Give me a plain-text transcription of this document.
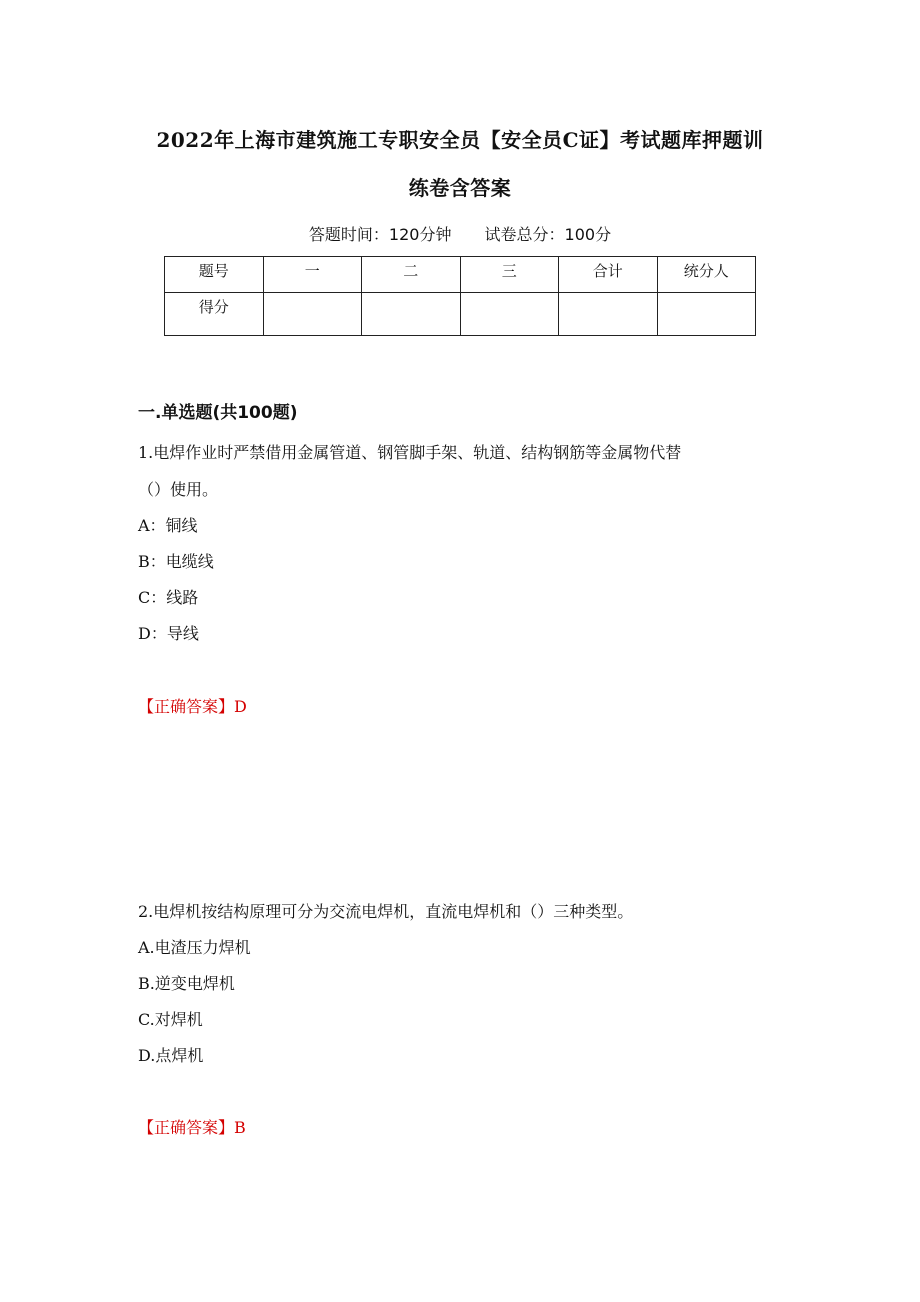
2022年上海市建筑施工专职安全员【安全员C证】考试题库押题训
练卷含答案
答题时间：120分钟 试卷总分：100分
题号	一	二	三	合计	统分人
得分					
一.单选题(共100题)
1.电焊作业时严禁借用金属管道、钢管脚手架、轨道、结构钢筋等金属物代替
（）使用。
A：铜线
B：电缆线
C：线路
D：导线
【正确答案】D
2.电焊机按结构原理可分为交流电焊机，直流电焊机和（）三种类型。
A.电渣压力焊机
B.逆变电焊机
C.对焊机
D.点焊机
【正确答案】B
